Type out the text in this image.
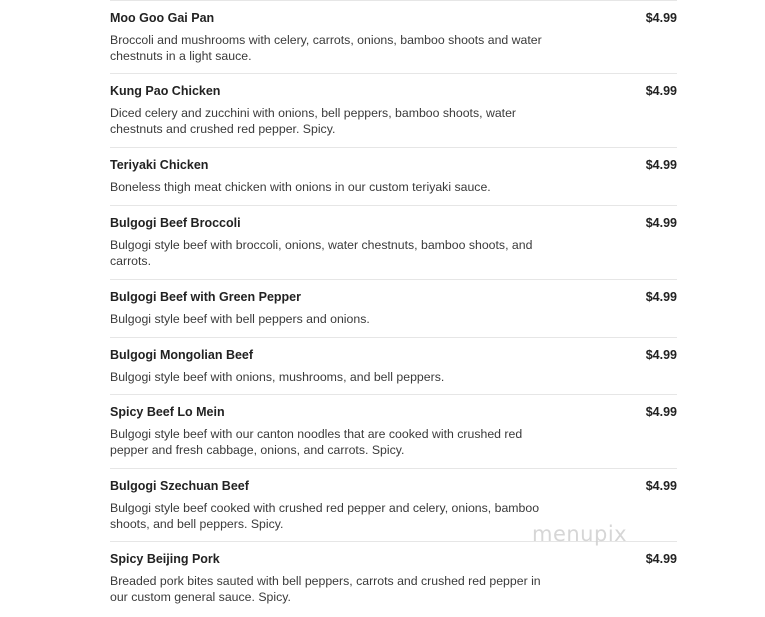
Moo Goo Gai Pan	$4.99
Broccoli and mushrooms with celery, carrots, onions, bamboo shoots and water chestnuts in a light sauce.
Kung Pao Chicken	$4.99
Diced celery and zucchini with onions, bell peppers, bamboo shoots, water chestnuts and crushed red pepper. Spicy.
Teriyaki Chicken	$4.99
Boneless thigh meat chicken with onions in our custom teriyaki sauce.
Bulgogi Beef Broccoli	$4.99
Bulgogi style beef with broccoli, onions, water chestnuts, bamboo shoots, and carrots.
Bulgogi Beef with Green Pepper	$4.99
Bulgogi style beef with bell peppers and onions.
Bulgogi Mongolian Beef	$4.99
Bulgogi style beef with onions, mushrooms, and bell peppers.
Spicy Beef Lo Mein	$4.99
Bulgogi style beef with our canton noodles that are cooked with crushed red pepper and fresh cabbage, onions, and carrots. Spicy.
Bulgogi Szechuan Beef	$4.99
Bulgogi style beef cooked with crushed red pepper and celery, onions, bamboo shoots, and bell peppers. Spicy.
Spicy Beijing Pork	$4.99
Breaded pork bites sauted with bell peppers, carrots and crushed red pepper in our custom general sauce. Spicy.
menupix
